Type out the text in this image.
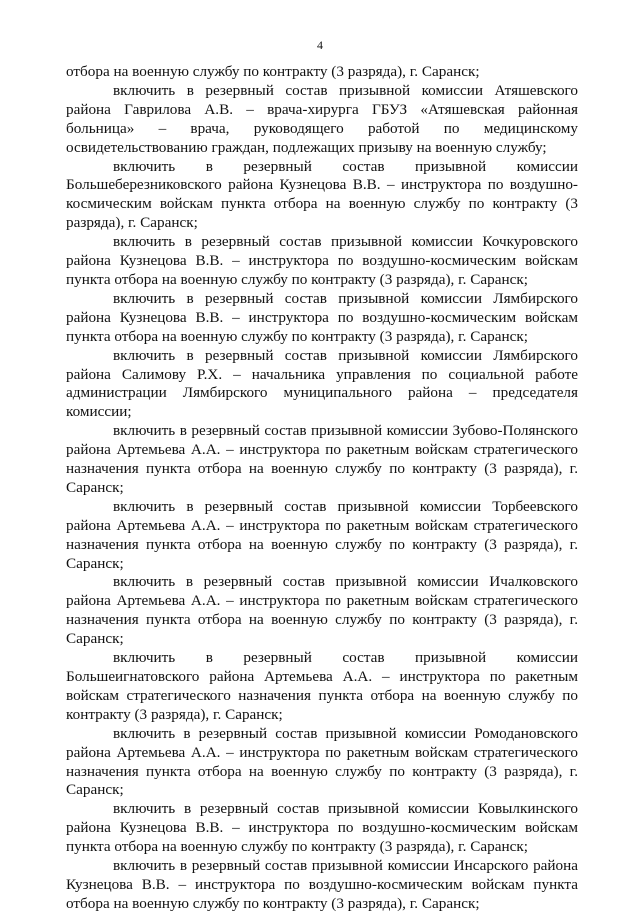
4

отбора на военную службу по контракту (3 разряда), г. Саранск;

включить в резервный состав призывной комиссии Атяшевского района Гаврилова А.В. – врача-хирурга ГБУЗ «Атяшевская районная больница» – врача, руководящего работой по медицинскому освидетельствованию граждан, подлежащих призыву на военную службу;

включить в резервный состав призывной комиссии Большеберезниковского района Кузнецова В.В. – инструктора по воздушно-космическим войскам пункта отбора на военную службу по контракту (3 разряда), г. Саранск;

включить в резервный состав призывной комиссии Кочкуровского района Кузнецова В.В. – инструктора по воздушно-космическим войскам пункта отбора на военную службу по контракту (3 разряда), г. Саранск;

включить в резервный состав призывной комиссии Лямбирского района Кузнецова В.В. – инструктора по воздушно-космическим войскам пункта отбора на военную службу по контракту (3 разряда), г. Саранск;

включить в резервный состав призывной комиссии Лямбирского района Салимову Р.Х. – начальника управления по социальной работе администрации Лямбирского муниципального района – председателя комиссии;

включить в резервный состав призывной комиссии Зубово-Полянского района Артемьева А.А. – инструктора по ракетным войскам стратегического назначения пункта отбора на военную службу по контракту (3 разряда), г. Саранск;

включить в резервный состав призывной комиссии Торбеевского района Артемьева А.А. – инструктора по ракетным войскам стратегического назначения пункта отбора на военную службу по контракту (3 разряда), г. Саранск;

включить в резервный состав призывной комиссии Ичалковского района Артемьева А.А. – инструктора по ракетным войскам стратегического назначения пункта отбора на военную службу по контракту (3 разряда), г. Саранск;

включить в резервный состав призывной комиссии Большеигнатовского района Артемьева А.А. – инструктора по ракетным войскам стратегического назначения пункта отбора на военную службу по контракту (3 разряда), г. Саранск;

включить в резервный состав призывной комиссии Ромодановского района Артемьева А.А. – инструктора по ракетным войскам стратегического назначения пункта отбора на военную службу по контракту (3 разряда), г. Саранск;

включить в резервный состав призывной комиссии Ковылкинского района Кузнецова В.В. – инструктора по воздушно-космическим войскам пункта отбора на военную службу по контракту (3 разряда), г. Саранск;

включить в резервный состав призывной комиссии Инсарского района Кузнецова В.В. – инструктора по воздушно-космическим войскам пункта отбора на военную службу по контракту (3 разряда), г. Саранск;
